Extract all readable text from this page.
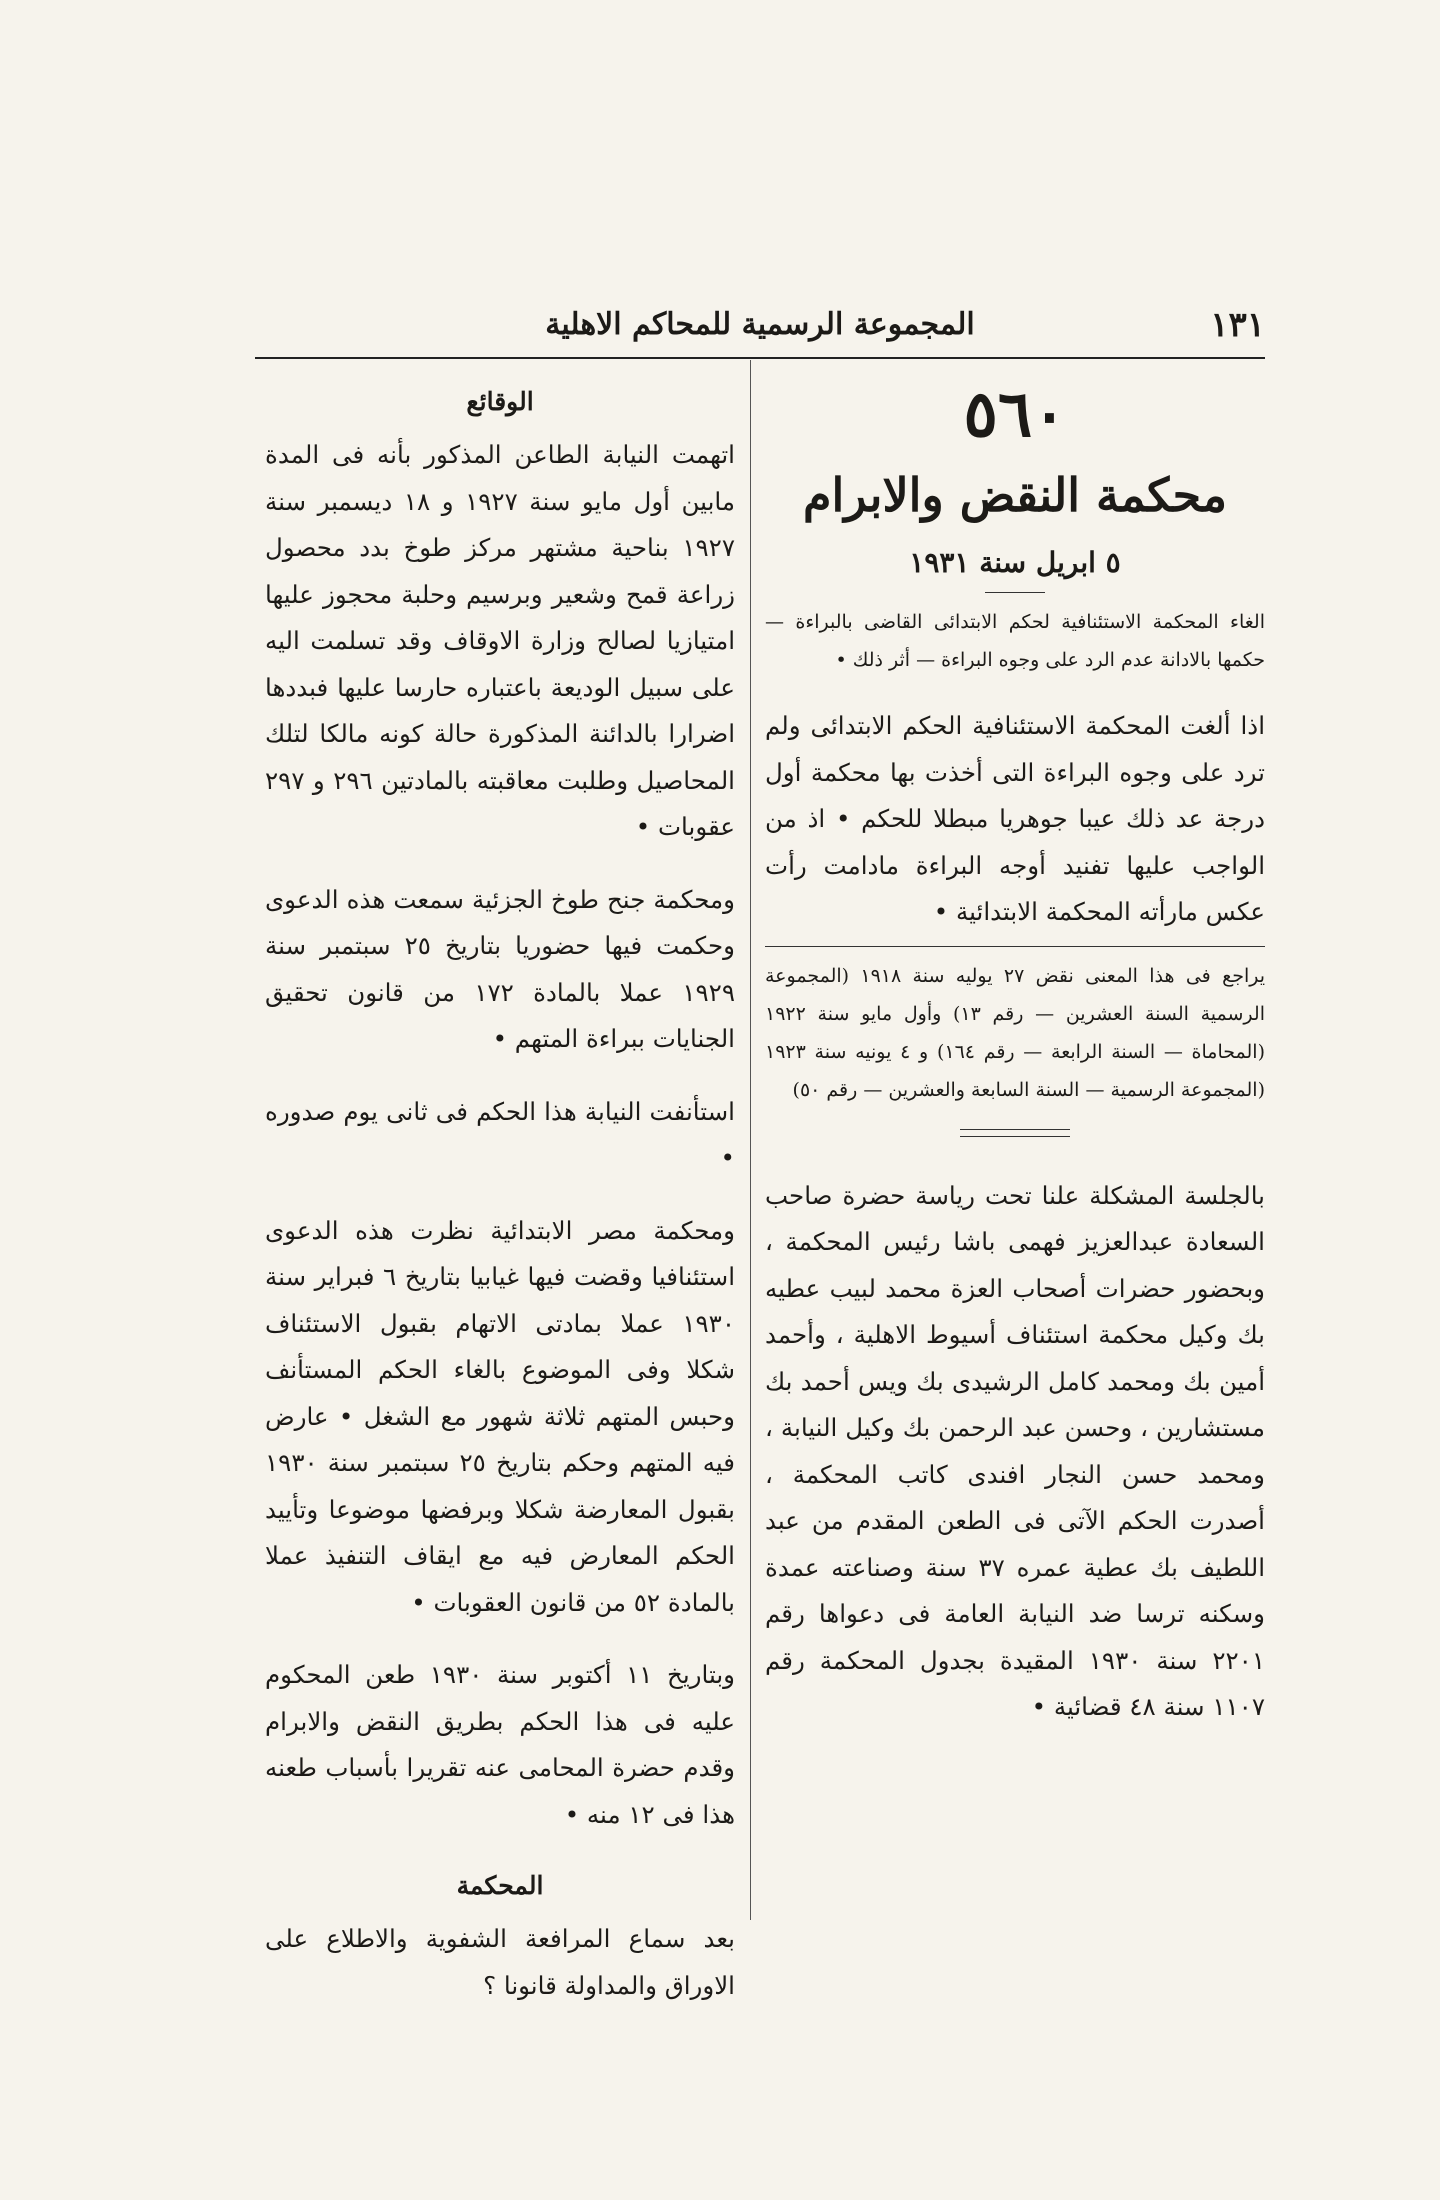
١٣١
المجموعة الرسمية للمحاكم الاهلية
٥٦٠
محكمة النقض والابرام
٥ ابريل سنة ١٩٣١
الغاء المحكمة الاستئنافية لحكم الابتدائى القاضى بالبراءة — حكمها بالادانة عدم الرد على وجوه البراءة — أثر ذلك •
اذا ألغت المحكمة الاستئنافية الحكم الابتدائى ولم ترد على وجوه البراءة التى أخذت بها محكمة أول درجة عد ذلك عيبا جوهريا مبطلا للحكم • اذ من الواجب عليها تفنيد أوجه البراءة مادامت رأت عكس مارأته المحكمة الابتدائية •
يراجع فى هذا المعنى نقض ٢٧ يوليه سنة ١٩١٨ (المجموعة الرسمية السنة العشرين — رقم ١٣) وأول مايو سنة ١٩٢٢ (المحاماة — السنة الرابعة — رقم ١٦٤) و ٤ يونيه سنة ١٩٢٣ (المجموعة الرسمية — السنة السابعة والعشرين — رقم ٥٠)
بالجلسة المشكلة علنا تحت رياسة حضرة صاحب السعادة عبدالعزيز فهمى باشا رئيس المحكمة ، وبحضور حضرات أصحاب العزة محمد لبيب عطيه بك وكيل محكمة استئناف أسيوط الاهلية ، وأحمد أمين بك ومحمد كامل الرشيدى بك ويس أحمد بك مستشارين ، وحسن عبد الرحمن بك وكيل النيابة ، ومحمد حسن النجار افندى كاتب المحكمة ، أصدرت الحكم الآتى فى الطعن المقدم من عبد اللطيف بك عطية عمره ٣٧ سنة وصناعته عمدة وسكنه ترسا ضد النيابة العامة فى دعواها رقم ٢٢٠١ سنة ١٩٣٠ المقيدة بجدول المحكمة رقم ١١٠٧ سنة ٤٨ قضائية •
الوقائع

اتهمت النيابة الطاعن المذكور بأنه فى المدة مابين أول مايو سنة ١٩٢٧ و ١٨ ديسمبر سنة ١٩٢٧ بناحية مشتهر مركز طوخ بدد محصول زراعة قمح وشعير وبرسيم وحلبة محجوز عليها امتيازيا لصالح وزارة الاوقاف وقد تسلمت اليه على سبيل الوديعة باعتباره حارسا عليها فبددها اضرارا بالدائنة المذكورة حالة كونه مالكا لتلك المحاصيل وطلبت معاقبته بالمادتين ٢٩٦ و ٢٩٧ عقوبات •

ومحكمة جنح طوخ الجزئية سمعت هذه الدعوى وحكمت فيها حضوريا بتاريخ ٢٥ سبتمبر سنة ١٩٢٩ عملا بالمادة ١٧٢ من قانون تحقيق الجنايات ببراءة المتهم •

استأنفت النيابة هذا الحكم فى ثانى يوم صدوره •

ومحكمة مصر الابتدائية نظرت هذه الدعوى استئنافيا وقضت فيها غيابيا بتاريخ ٦ فبراير سنة ١٩٣٠ عملا بمادتى الاتهام بقبول الاستئناف شكلا وفى الموضوع بالغاء الحكم المستأنف وحبس المتهم ثلاثة شهور مع الشغل • عارض فيه المتهم وحكم بتاريخ ٢٥ سبتمبر سنة ١٩٣٠ بقبول المعارضة شكلا وبرفضها موضوعا وتأييد الحكم المعارض فيه مع ايقاف التنفيذ عملا بالمادة ٥٢ من قانون العقوبات •

وبتاريخ ١١ أكتوبر سنة ١٩٣٠ طعن المحكوم عليه فى هذا الحكم بطريق النقض والابرام وقدم حضرة المحامى عنه تقريرا بأسباب طعنه هذا فى ١٢ منه •

المحكمة

بعد سماع المرافعة الشفوية والاطلاع على الاوراق والمداولة قانونا ؟
